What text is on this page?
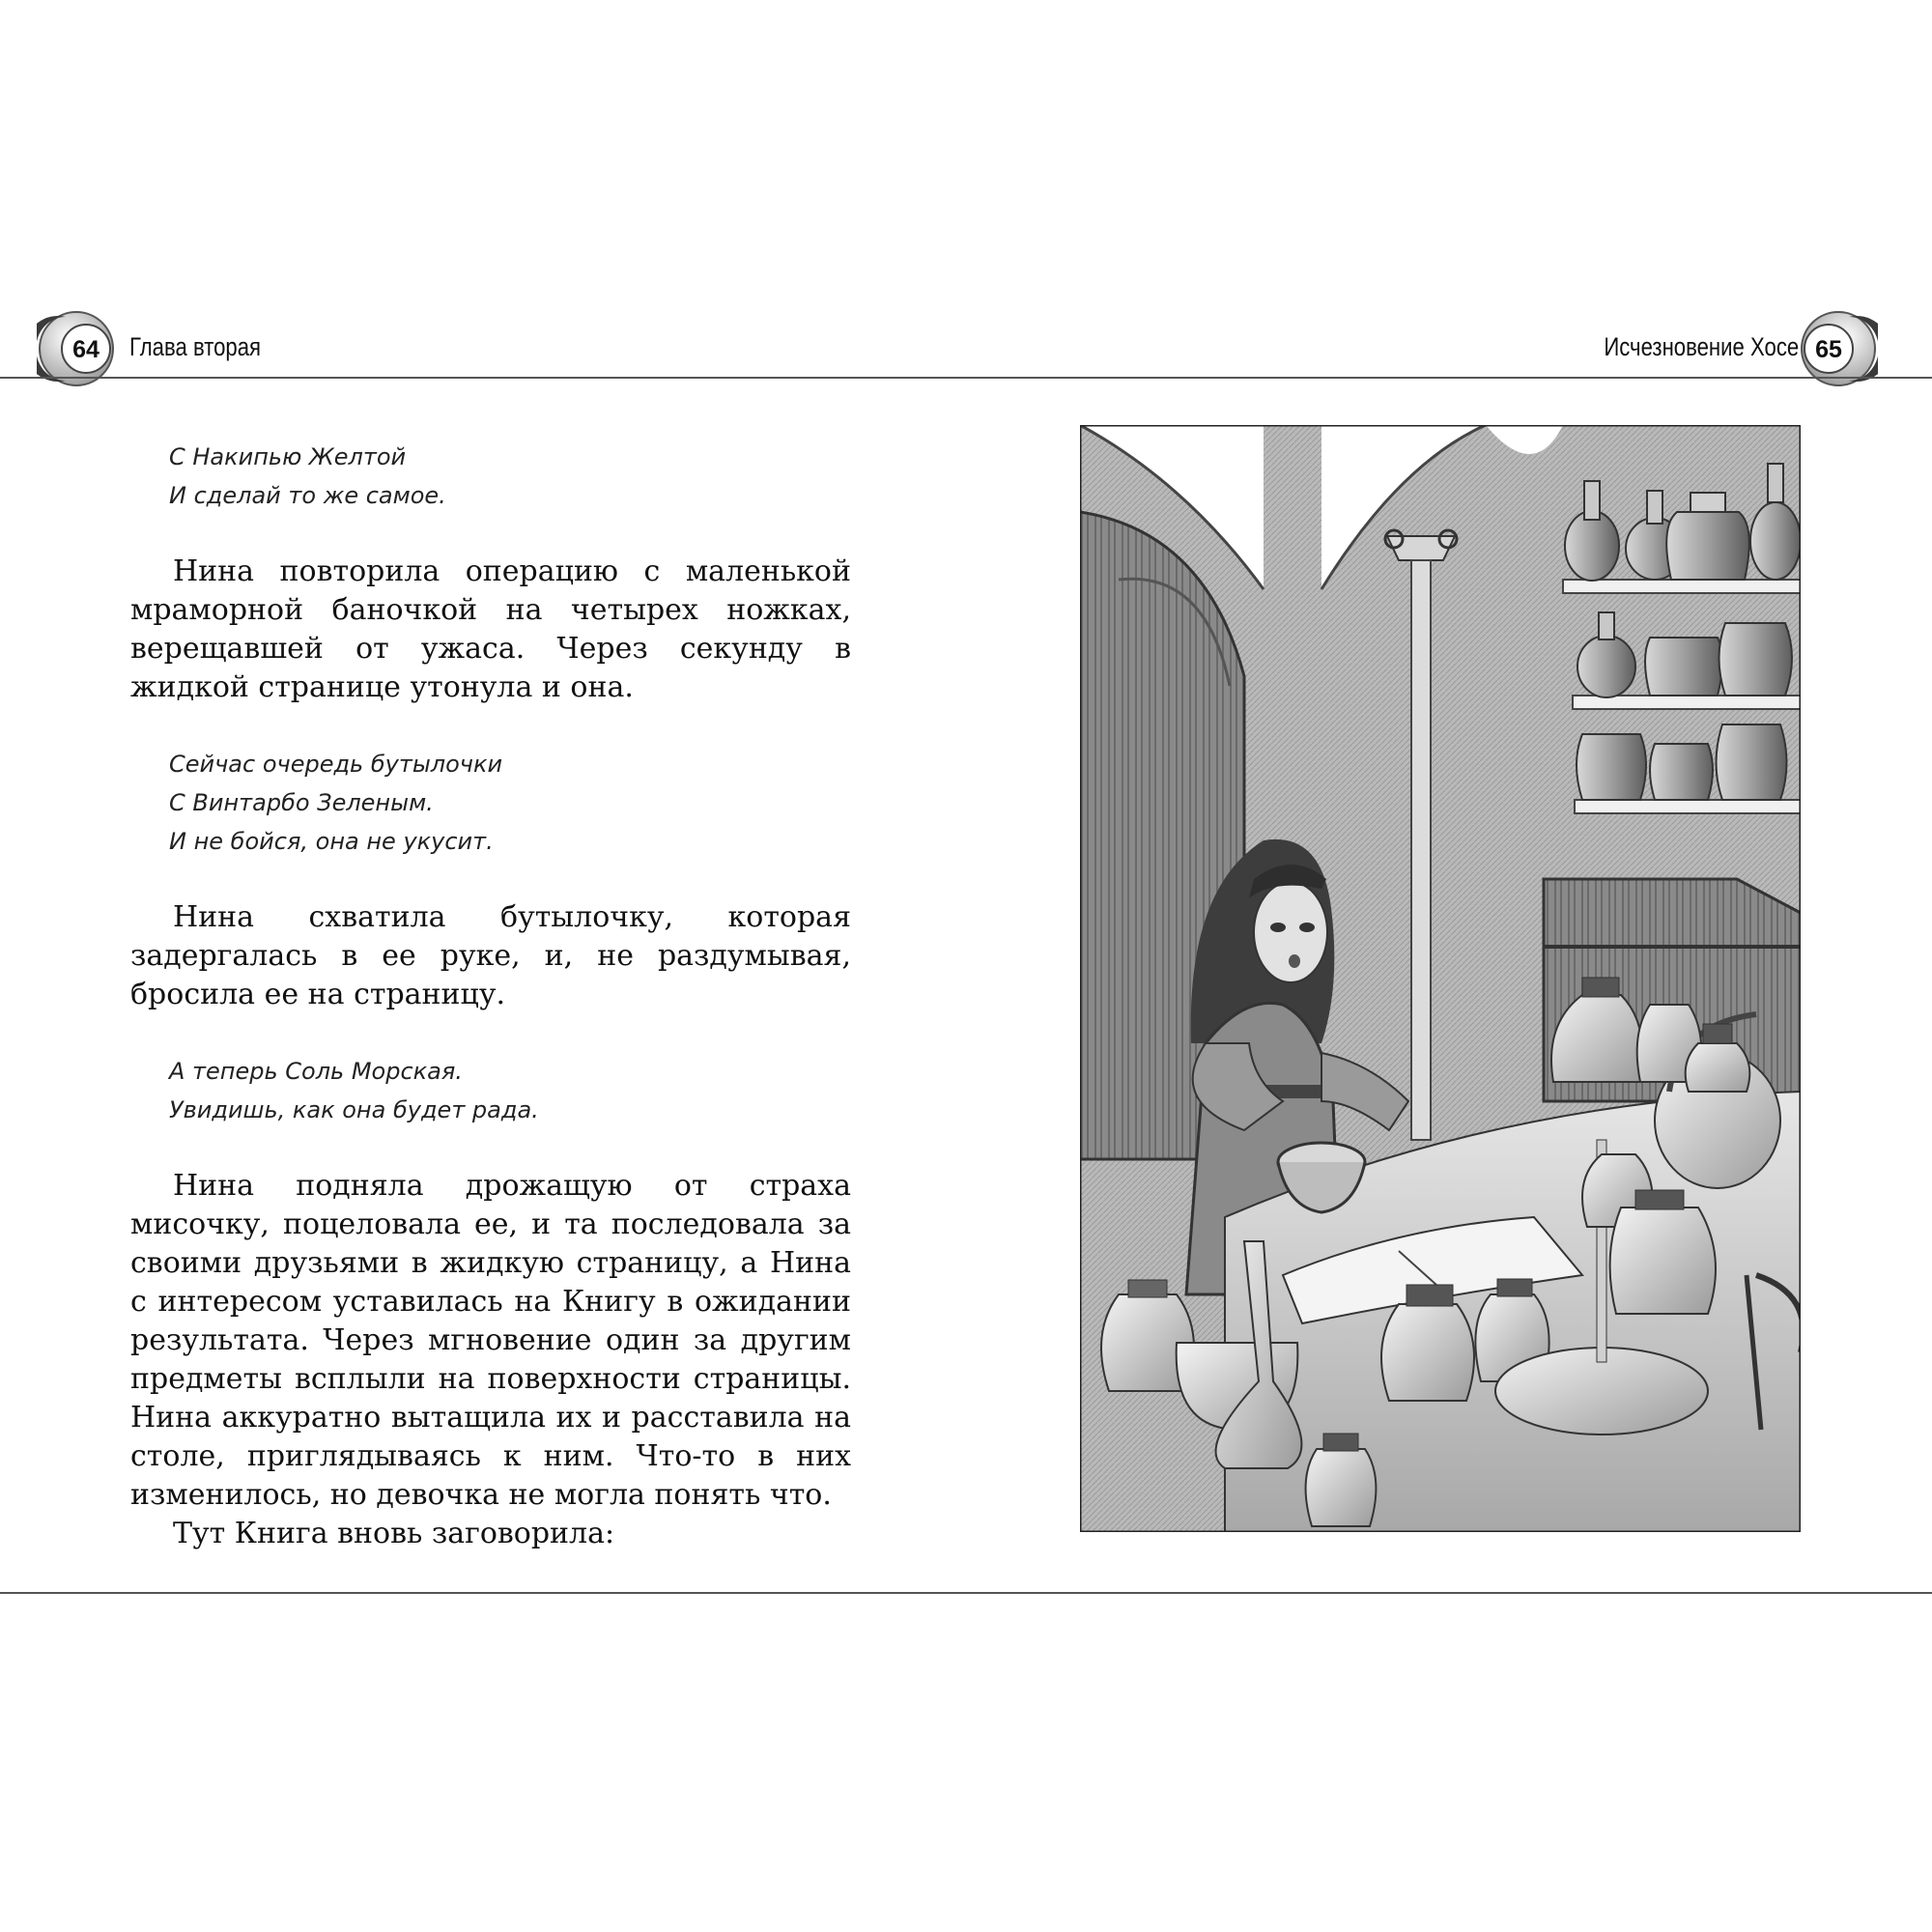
64 Глава вторая	Исчезновение Хосе 65
С Накипью Желтой
И сделай то же самое.

Нина повторила операцию с маленькой мраморной баночкой на четырех ножках, верещавшей от ужаса. Через секунду в жидкой странице утонула и она.

Сейчас очередь бутылочки
С Винтарбо Зеленым.
И не бойся, она не укусит.

Нина схватила бутылочку, которая задергалась в ее руке, и, не раздумывая, бросила ее на страницу.

А теперь Соль Морская.
Увидишь, как она будет рада.

Нина подняла дрожащую от страха мисочку, поцеловала ее, и та последовала за своими друзьями в жидкую страницу, а Нина с интересом уставилась на Книгу в ожидании результата. Через мгновение один за другим предметы всплыли на поверхности страницы. Нина аккуратно вытащила их и расставила на столе, приглядываясь к ним. Что-то в них изменилось, но девочка не могла понять что.

Тут Книга вновь заговорила:
